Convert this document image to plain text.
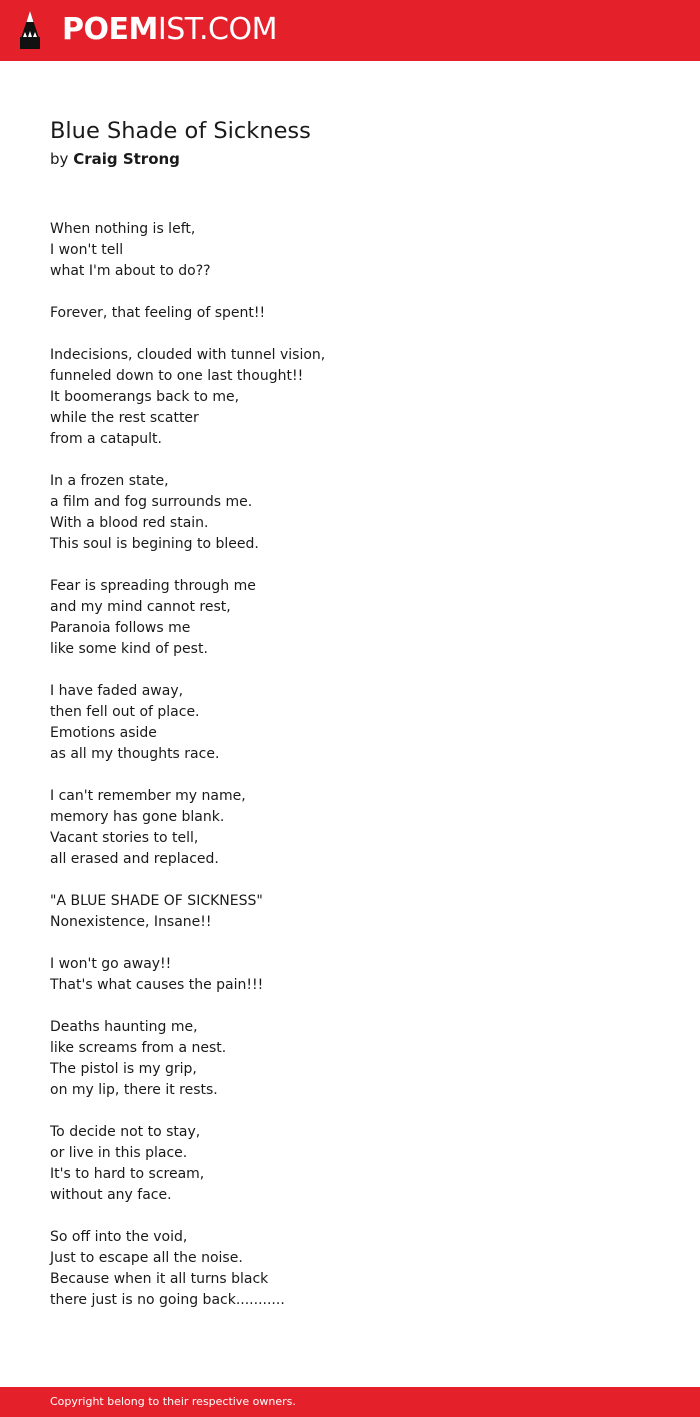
POEMIST.COM
Blue Shade of Sickness
by Craig Strong
When nothing is left,
I won't tell
what I'm about to do??
Forever, that feeling of spent!!
Indecisions, clouded with tunnel vision,
funneled down to one last thought!!
It boomerangs back to me,
while the rest scatter
from a catapult.
In a frozen state,
a film and fog surrounds me.
With a blood red stain.
This soul is begining to bleed.
Fear is spreading through me
and my mind cannot rest,
Paranoia follows me
like some kind of pest.
I have faded away,
then fell out of place.
Emotions aside
as all my thoughts race.
I can't remember my name,
memory has gone blank.
Vacant stories to tell,
all erased and replaced.
"A BLUE SHADE OF SICKNESS"
Nonexistence, Insane!!
I won't go away!!
That's what causes the pain!!!
Deaths haunting me,
like screams from a nest.
The pistol is my grip,
on my lip, there it rests.
To decide not to stay,
or live in this place.
It's to hard to scream,
without any face.
So off into the void,
Just to escape all the noise.
Because when it all turns black
there just is no going back...........
Copyright belong to their respective owners.
